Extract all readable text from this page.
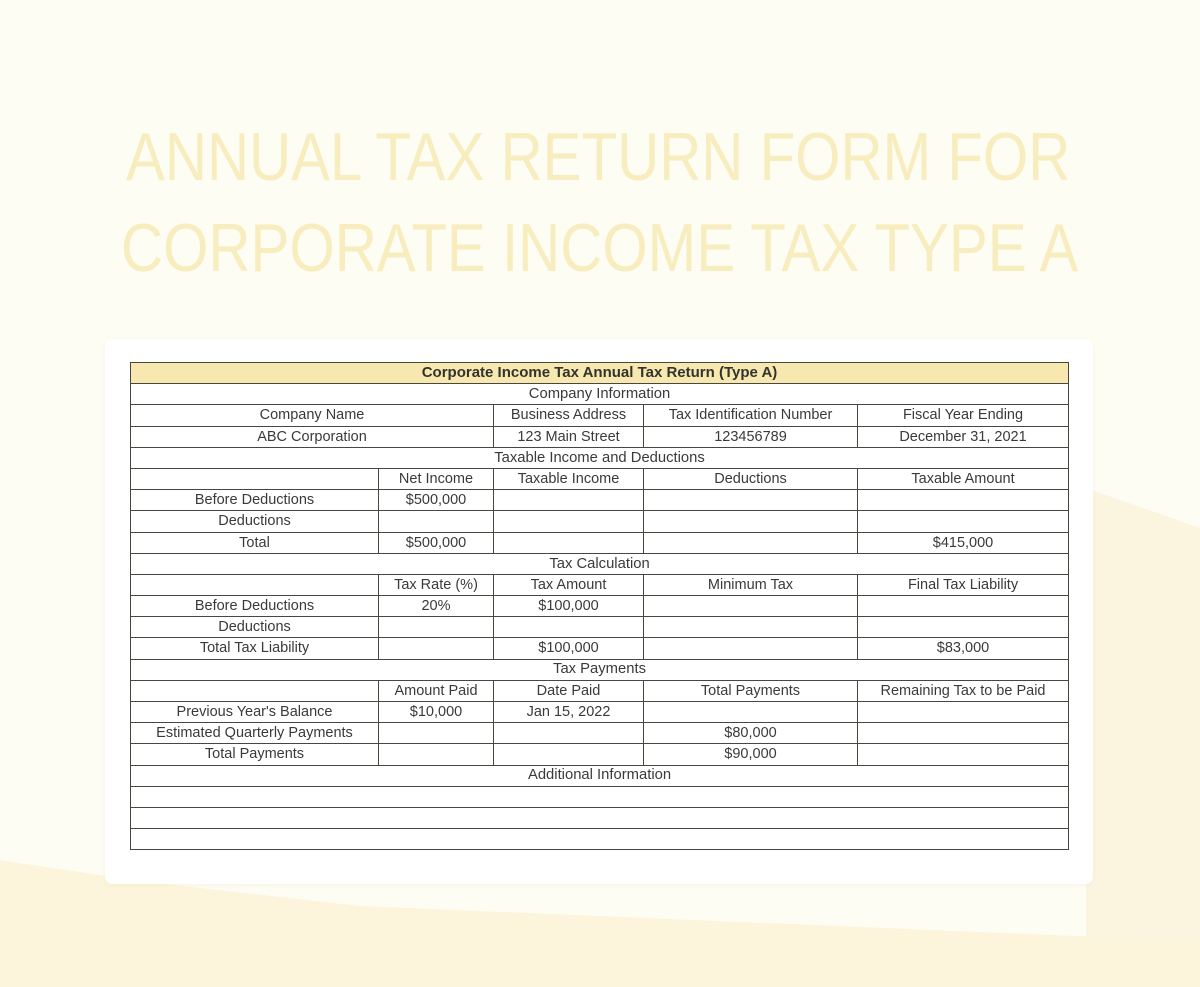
ANNUAL TAX RETURN FORM FOR
CORPORATE INCOME TAX TYPE A
Corporate Income Tax Annual Tax Return (Type A)				
Company Information				
Company Name		Business Address	Tax Identification Number	Fiscal Year Ending
ABC Corporation		123 Main Street	123456789	December 31, 2021
Taxable Income and Deductions				
	Net Income	Taxable Income	Deductions	Taxable Amount
Before Deductions	$500,000			
Deductions				
Total	$500,000			$415,000
Tax Calculation				
	Tax Rate (%)	Tax Amount	Minimum Tax	Final Tax Liability
Before Deductions	20%	$100,000		
Deductions				
Total Tax Liability		$100,000		$83,000
Tax Payments				
	Amount Paid	Date Paid	Total Payments	Remaining Tax to be Paid
Previous Year's Balance	$10,000	Jan 15, 2022		
Estimated Quarterly Payments			$80,000	
Total Payments			$90,000	
Additional Information				
